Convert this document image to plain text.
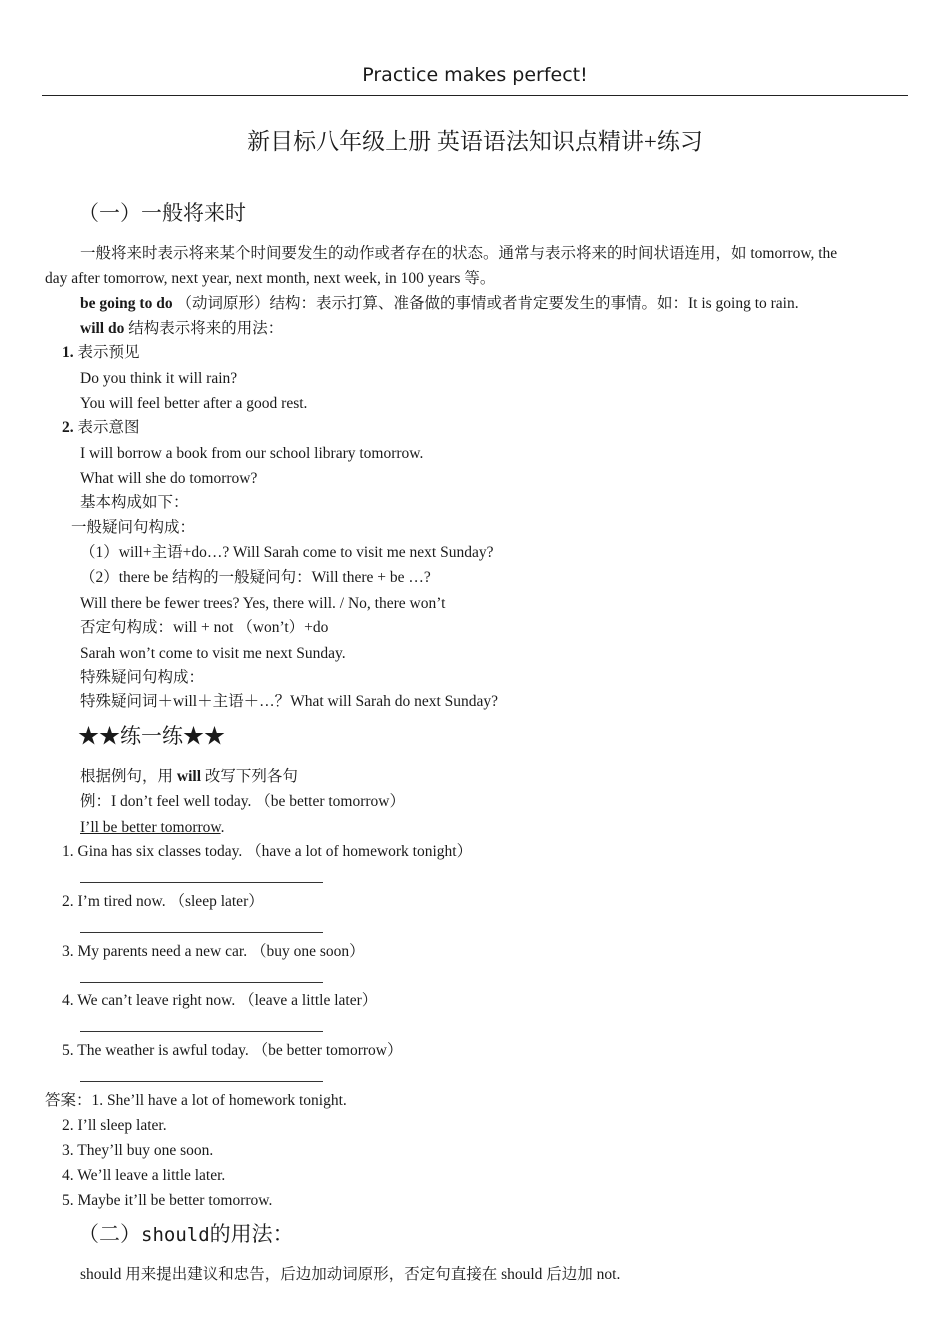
Practice makes perfect!
新目标八年级上册 英语语法知识点精讲+练习
（一）一般将来时
一般将来时表示将来某个时间要发生的动作或者存在的状态。通常与表示将来的时间状语连用，如 tomorrow, the
day after tomorrow, next year, next month, next week, in 100 years 等。
be going to do （动词原形）结构：表示打算、准备做的事情或者肯定要发生的事情。如：It is going to rain.
will do 结构表示将来的用法：
1. 表示预见
Do you think it will rain?
You will feel better after a good rest.
2. 表示意图
I will borrow a book from our school library tomorrow.
What will she do tomorrow?
基本构成如下：
一般疑问句构成：
（1）will+主语+do…? Will Sarah come to visit me next Sunday?
（2）there be 结构的一般疑问句：Will there + be …?
Will there be fewer trees? Yes, there will. / No, there won’t
否定句构成：will + not （won’t）+do
Sarah won’t come to visit me next Sunday.
特殊疑问句构成：
特殊疑问词＋will＋主语＋…？What will Sarah do next Sunday?
★★练一练★★
根据例句，用 will 改写下列各句
例：I don’t feel well today. （be better tomorrow）
I’ll be better tomorrow.
1. Gina has six classes today. （have a lot of homework tonight）
2. I’m tired now. （sleep later）
3. My parents need a new car. （buy one soon）
4. We can’t leave right now. （leave a little later）
5. The weather is awful today. （be better tomorrow）
答案：1. She’ll have a lot of homework tonight.
2. I’ll sleep later.
3. They’ll buy one soon.
4. We’ll leave a little later.
5. Maybe it’ll be better tomorrow.
（二）should的用法：
should 用来提出建议和忠告，后边加动词原形，否定句直接在 should 后边加 not.
